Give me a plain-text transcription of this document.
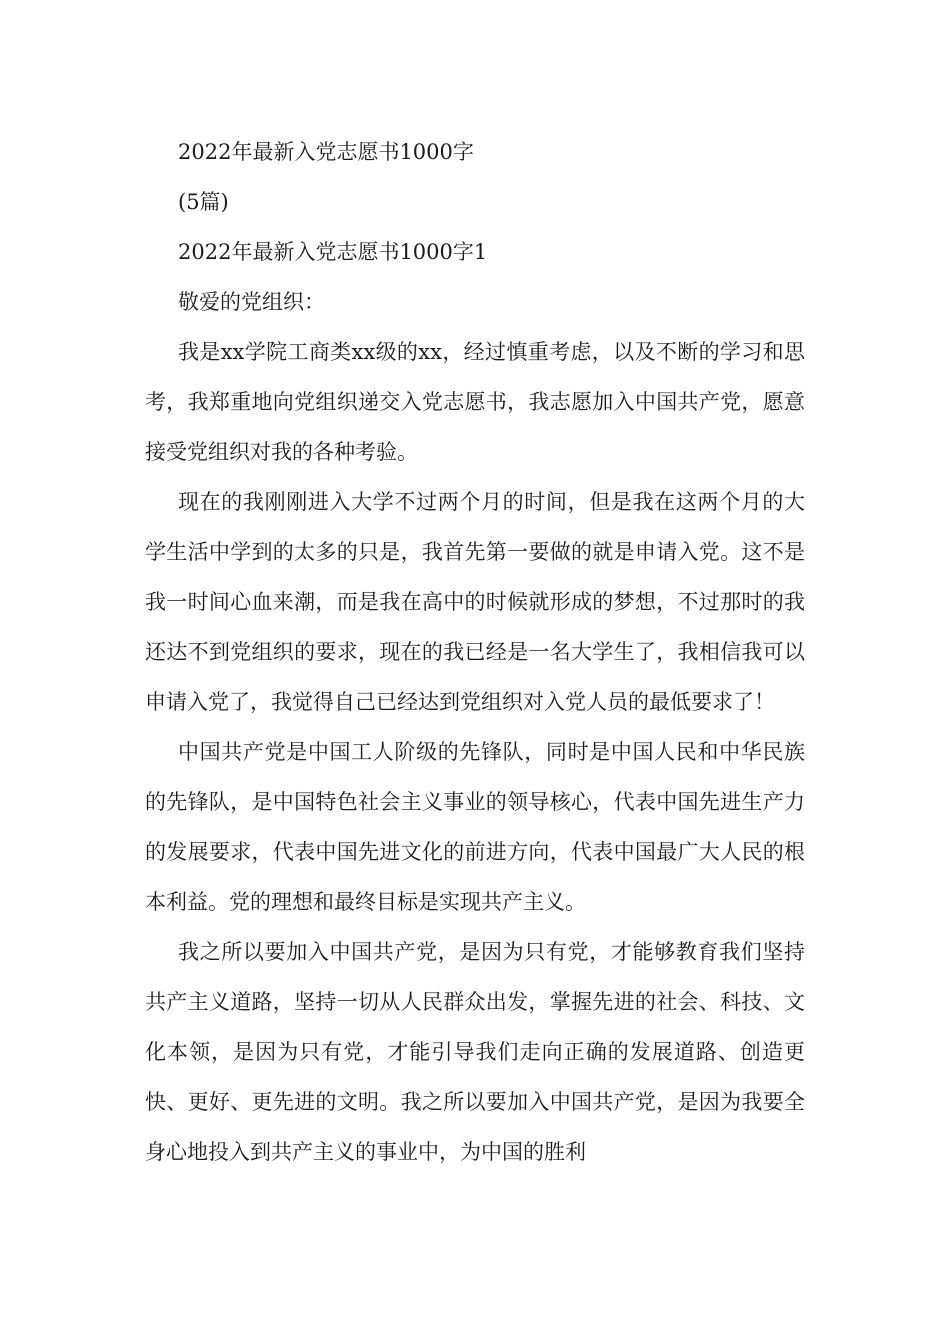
2022年最新入党志愿书1000字

(5篇)

2022年最新入党志愿书1000字1

敬爱的党组织：

我是xx学院工商类xx级的xx，经过慎重考虑，以及不断的学习和思考，我郑重地向党组织递交入党志愿书，我志愿加入中国共产党，愿意接受党组织对我的各种考验。

现在的我刚刚进入大学不过两个月的时间，但是我在这两个月的大学生活中学到的太多的只是，我首先第一要做的就是申请入党。这不是我一时间心血来潮，而是我在高中的时候就形成的梦想，不过那时的我还达不到党组织的要求，现在的我已经是一名大学生了，我相信我可以申请入党了，我觉得自己已经达到党组织对入党人员的最低要求了！

中国共产党是中国工人阶级的先锋队，同时是中国人民和中华民族的先锋队，是中国特色社会主义事业的领导核心，代表中国先进生产力的发展要求，代表中国先进文化的前进方向，代表中国最广大人民的根本利益。党的理想和最终目标是实现共产主义。

我之所以要加入中国共产党，是因为只有党，才能够教育我们坚持共产主义道路，坚持一切从人民群众出发，掌握先进的社会、科技、文化本领，是因为只有党，才能引导我们走向正确的发展道路、创造更快、更好、更先进的文明。我之所以要加入中国共产党，是因为我要全身心地投入到共产主义的事业中，为中国的胜利
